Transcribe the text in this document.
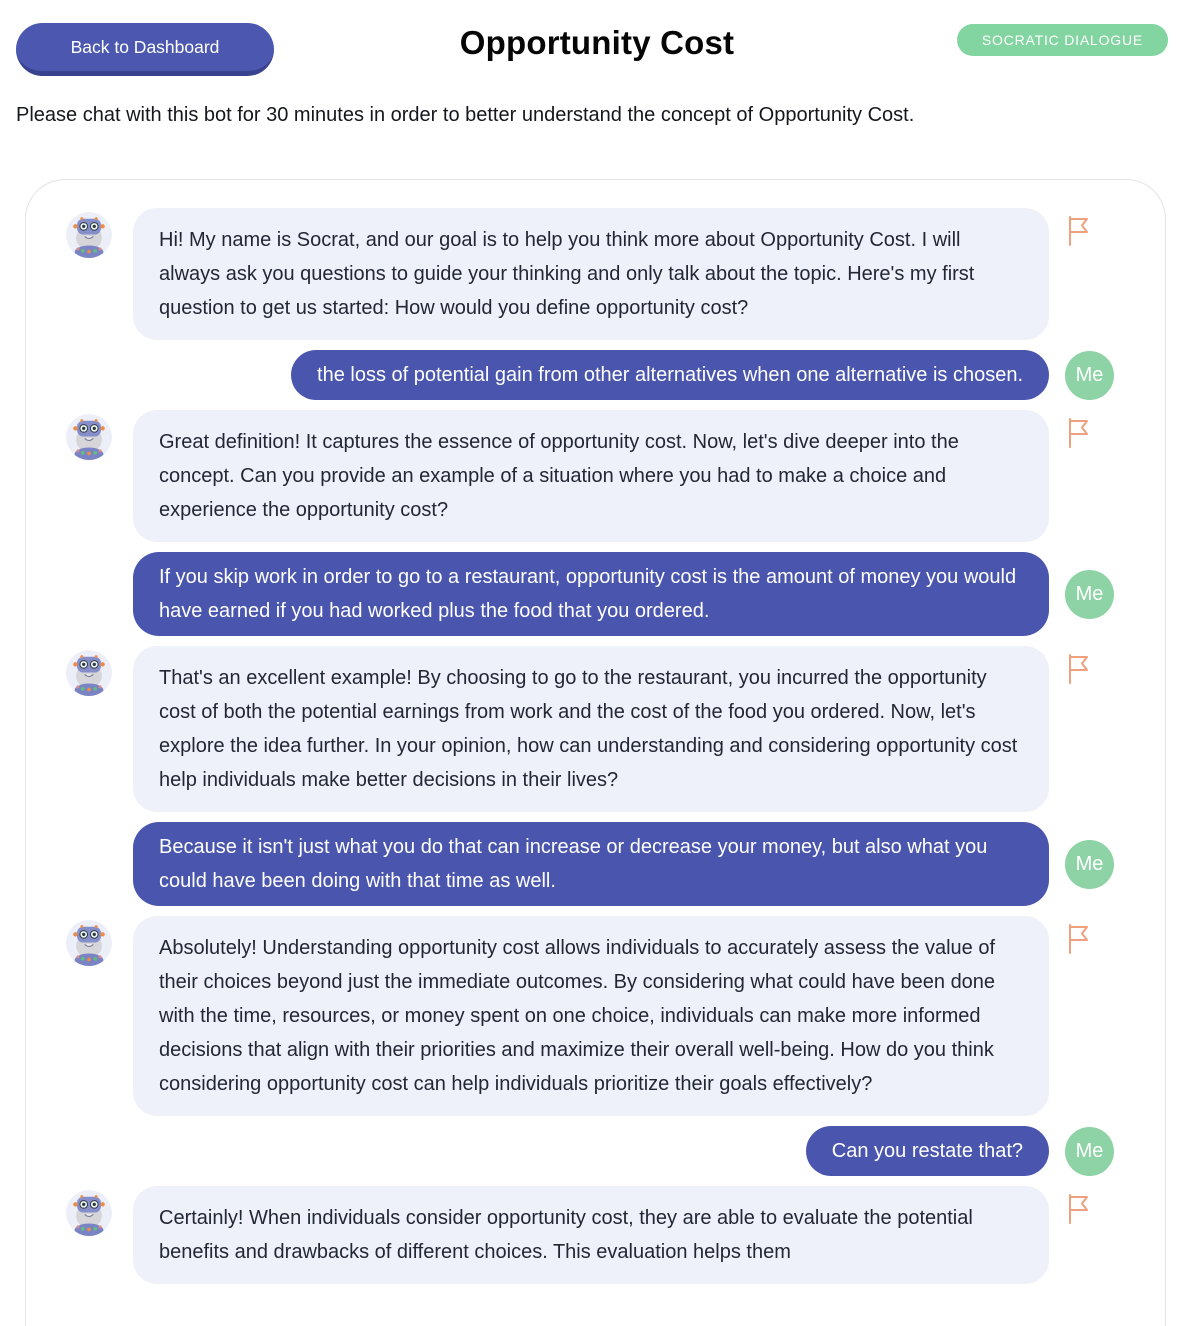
Back to Dashboard	Opportunity Cost	SOCRATIC DIALOGUE

Please chat with this bot for 30 minutes in order to better understand the concept of Opportunity Cost.

Hi! My name is Socrat, and our goal is to help you think more about Opportunity Cost. I will always ask you questions to guide your thinking and only talk about the topic. Here's my first question to get us started: How would you define opportunity cost?
the loss of potential gain from other alternatives when one alternative is chosen.	Me
Great definition! It captures the essence of opportunity cost. Now, let's dive deeper into the concept. Can you provide an example of a situation where you had to make a choice and experience the opportunity cost?
If you skip work in order to go to a restaurant, opportunity cost is the amount of money you would have earned if you had worked plus the food that you ordered.
Me
That's an excellent example! By choosing to go to the restaurant, you incurred the opportunity cost of both the potential earnings from work and the cost of the food you ordered. Now, let's explore the idea further. In your opinion, how can understanding and considering opportunity cost help individuals make better decisions in their lives?
Because it isn't just what you do that can increase or decrease your money, but also what you could have been doing with that time as well.
Me
Absolutely! Understanding opportunity cost allows individuals to accurately assess the value of their choices beyond just the immediate outcomes. By considering what could have been done with the time, resources, or money spent on one choice, individuals can make more informed decisions that align with their priorities and maximize their overall well-being. How do you think considering opportunity cost can help individuals prioritize their goals effectively?
Can you restate that?	Me
Certainly! When individuals consider opportunity cost, they are able to evaluate the potential benefits and drawbacks of different choices. This evaluation helps them
